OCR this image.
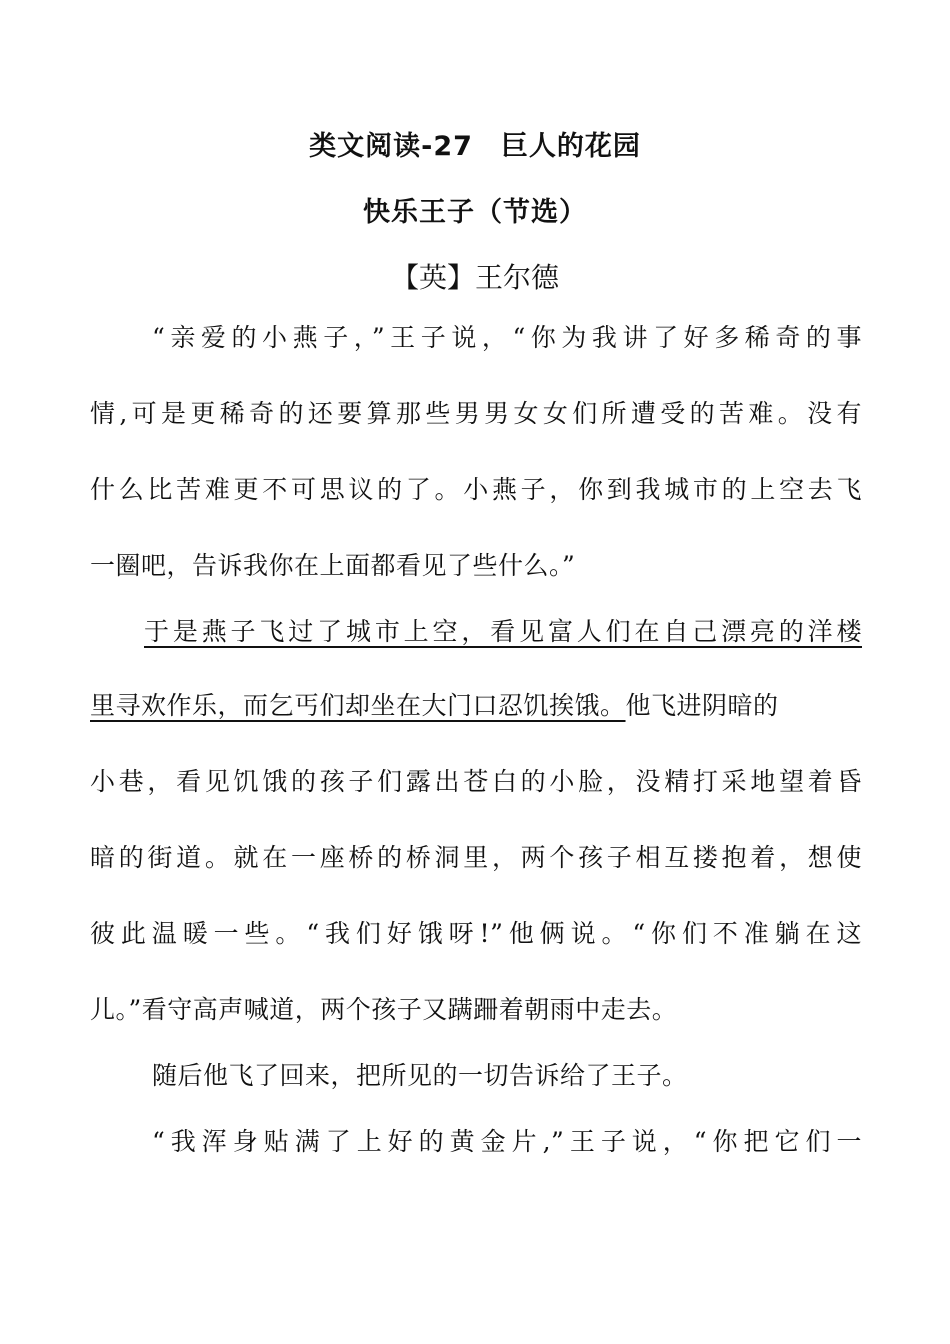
类文阅读-27　巨人的花园
快乐王子（节选）
【英】王尔德
“亲爱的小燕子，”王子说，“你为我讲了好多稀奇的事
情,可是更稀奇的还要算那些男男女女们所遭受的苦难。没有
什么比苦难更不可思议的了。小燕子，你到我城市的上空去飞
一圈吧，告诉我你在上面都看见了些什么。”
于是燕子飞过了城市上空，看见富人们在自己漂亮的洋楼
里寻欢作乐，而乞丐们却坐在大门口忍饥挨饿。他飞进阴暗的
小巷，看见饥饿的孩子们露出苍白的小脸，没精打采地望着昏
暗的街道。就在一座桥的桥洞里，两个孩子相互搂抱着，想使
彼此温暖一些。“我们好饿呀!”他俩说。“你们不准躺在这
儿。”看守高声喊道，两个孩子又蹒跚着朝雨中走去。
随后他飞了回来，把所见的一切告诉给了王子。
“我浑身贴满了上好的黄金片,”王子说，“你把它们一
